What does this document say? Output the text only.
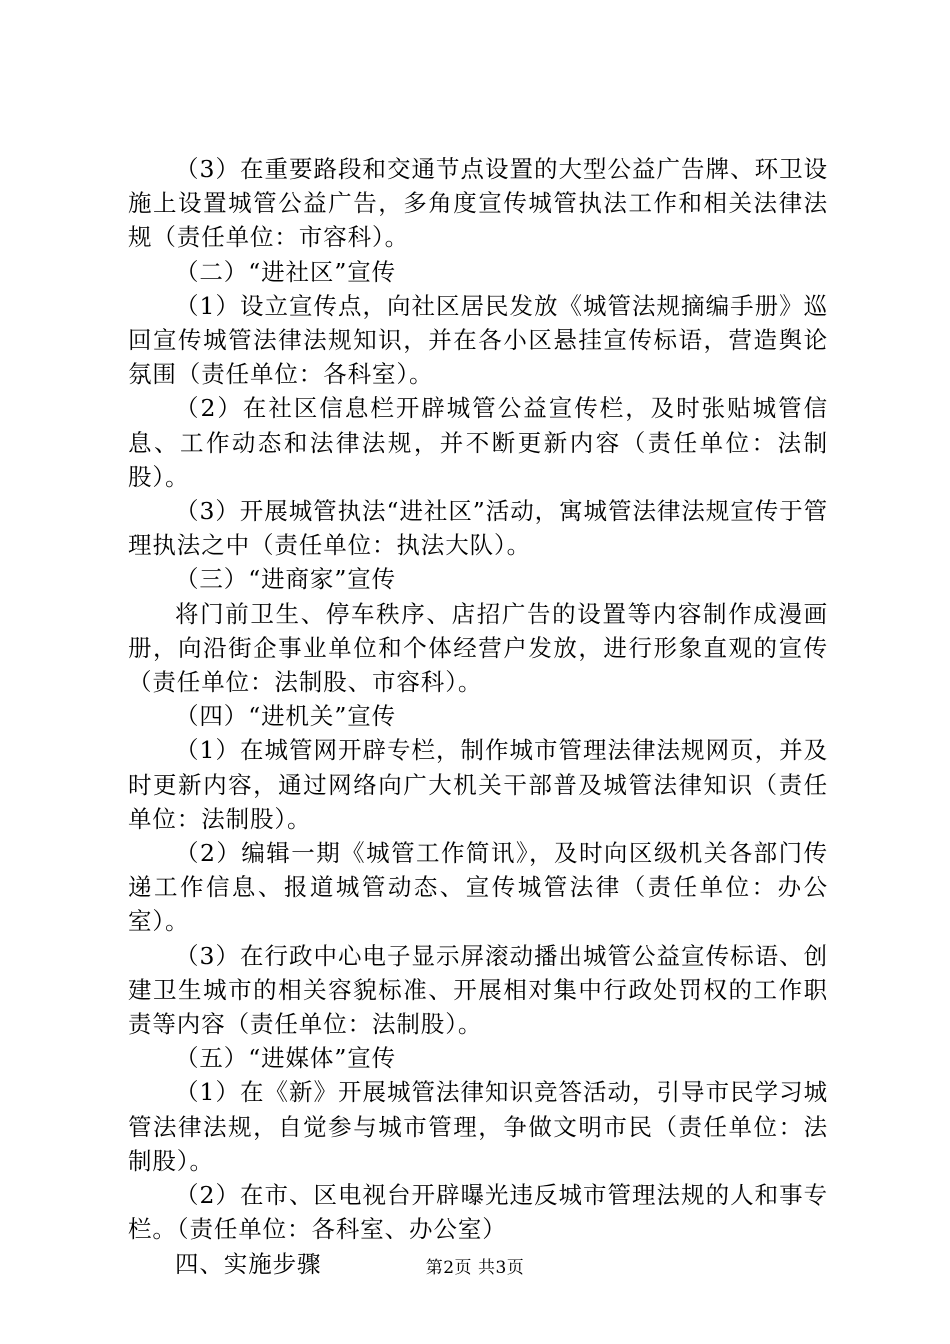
（3）在重要路段和交通节点设置的大型公益广告牌、环卫设施上设置城管公益广告，多角度宣传城管执法工作和相关法律法规（责任单位：市容科）。

（二）“进社区”宣传

（1）设立宣传点，向社区居民发放《城管法规摘编手册》巡回宣传城管法律法规知识，并在各小区悬挂宣传标语，营造舆论氛围（责任单位：各科室）。

（2）在社区信息栏开辟城管公益宣传栏，及时张贴城管信息、工作动态和法律法规，并不断更新内容（责任单位：法制股）。

（3）开展城管执法“进社区”活动，寓城管法律法规宣传于管理执法之中（责任单位：执法大队）。

（三）“进商家”宣传

将门前卫生、停车秩序、店招广告的设置等内容制作成漫画册，向沿街企事业单位和个体经营户发放，进行形象直观的宣传（责任单位：法制股、市容科）。

（四）“进机关”宣传

（1）在城管网开辟专栏，制作城市管理法律法规网页，并及时更新内容，通过网络向广大机关干部普及城管法律知识（责任单位：法制股）。

（2）编辑一期《城管工作简讯》，及时向区级机关各部门传递工作信息、报道城管动态、宣传城管法律（责任单位：办公室）。

（3）在行政中心电子显示屏滚动播出城管公益宣传标语、创建卫生城市的相关容貌标准、开展相对集中行政处罚权的工作职责等内容（责任单位：法制股）。

（五）“进媒体”宣传

（1）在《新》开展城管法律知识竞答活动，引导市民学习城管法律法规，自觉参与城市管理，争做文明市民（责任单位：法制股）。

（2）在市、区电视台开辟曝光违反城市管理法规的人和事专栏。（责任单位：各科室、办公室）

四、实施步骤	第2页 共3页
